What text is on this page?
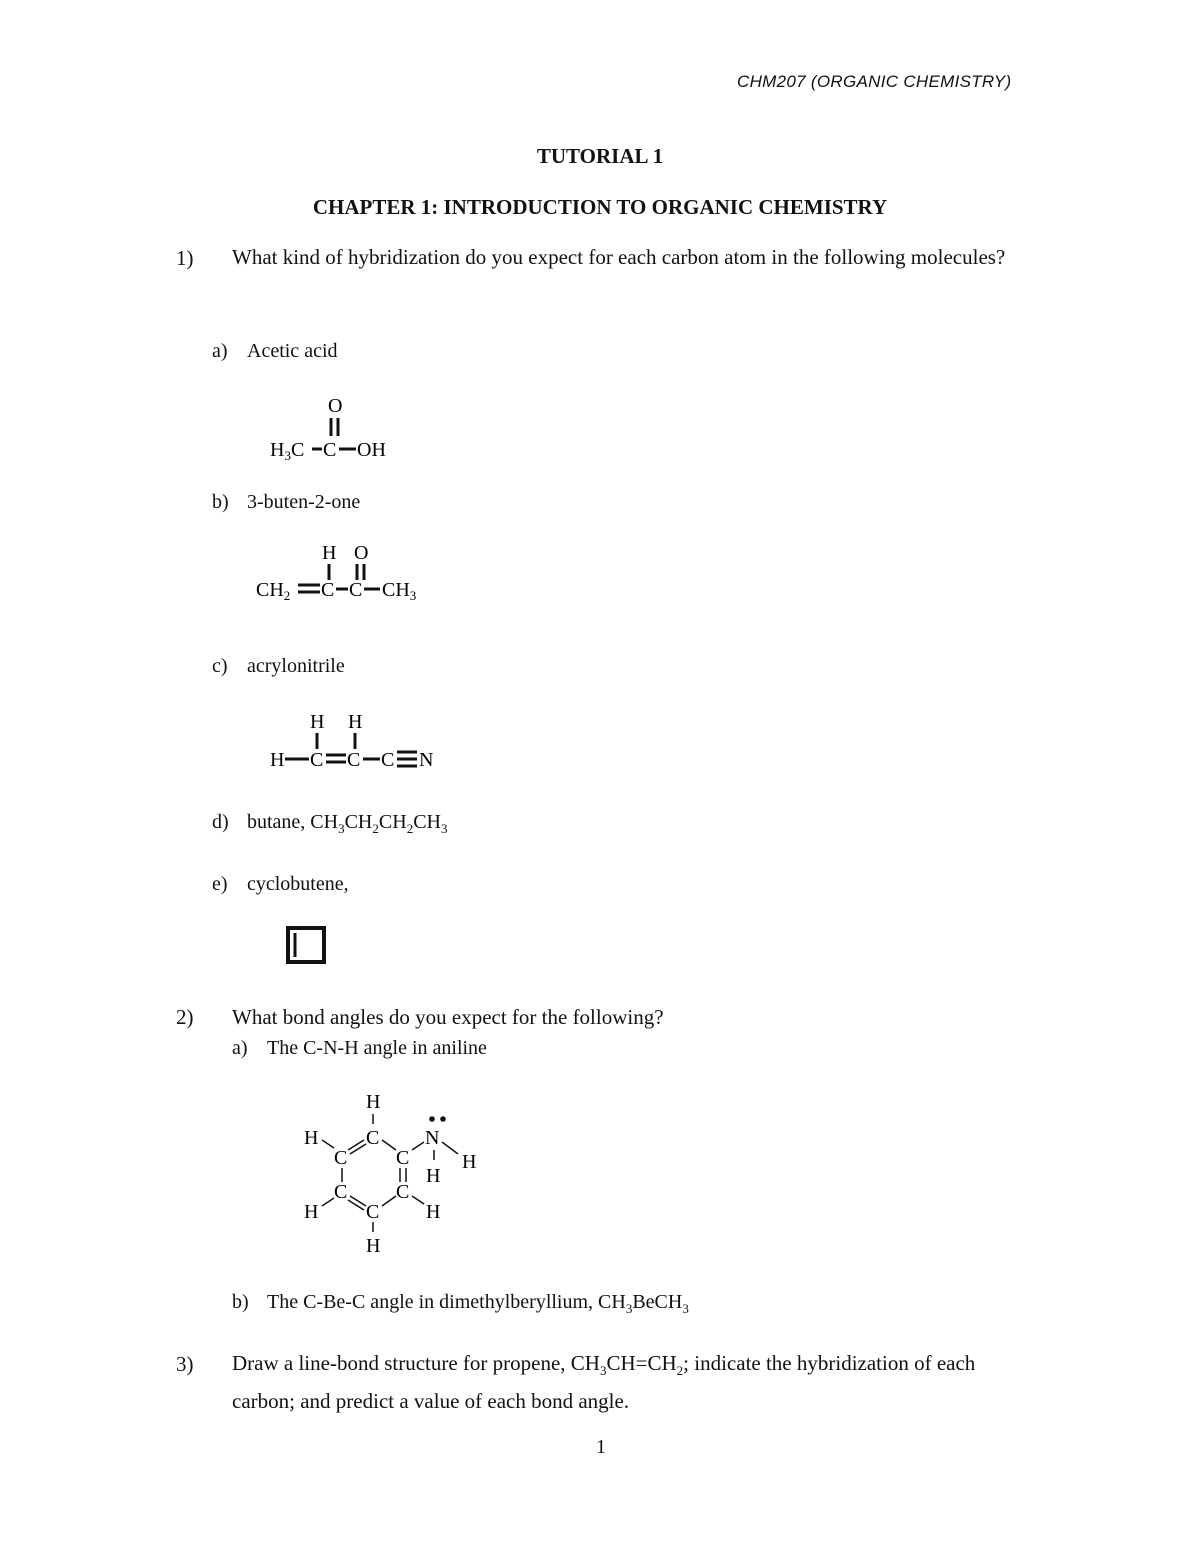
CHM207 (ORGANIC CHEMISTRY)
TUTORIAL 1
CHAPTER 1: INTRODUCTION TO ORGANIC CHEMISTRY
1) What kind of hybridization do you expect for each carbon atom in the following molecules?
a) Acetic acid
O
$H_3C$ C OH
b) 3-buten-2-one
H O
$CH_2$ C C $CH_3$
c) acrylonitrile
H H
H C C C N
d) butane, $CH_3CH_2CH_2CH_3$
e) cyclobutene,
2) What bond angles do you expect for the following?
a) The C-N-H angle in aniline
H
C
H
C C
N
H
H
C
H
C
H
C
H
b) The C-Be-C angle in dimethylberyllium, $CH_3BeCH_3$
3) Draw a line-bond structure for propene, $CH_3CH=CH_2$; indicate the hybridization of each carbon; and predict a value of each bond angle.
1
